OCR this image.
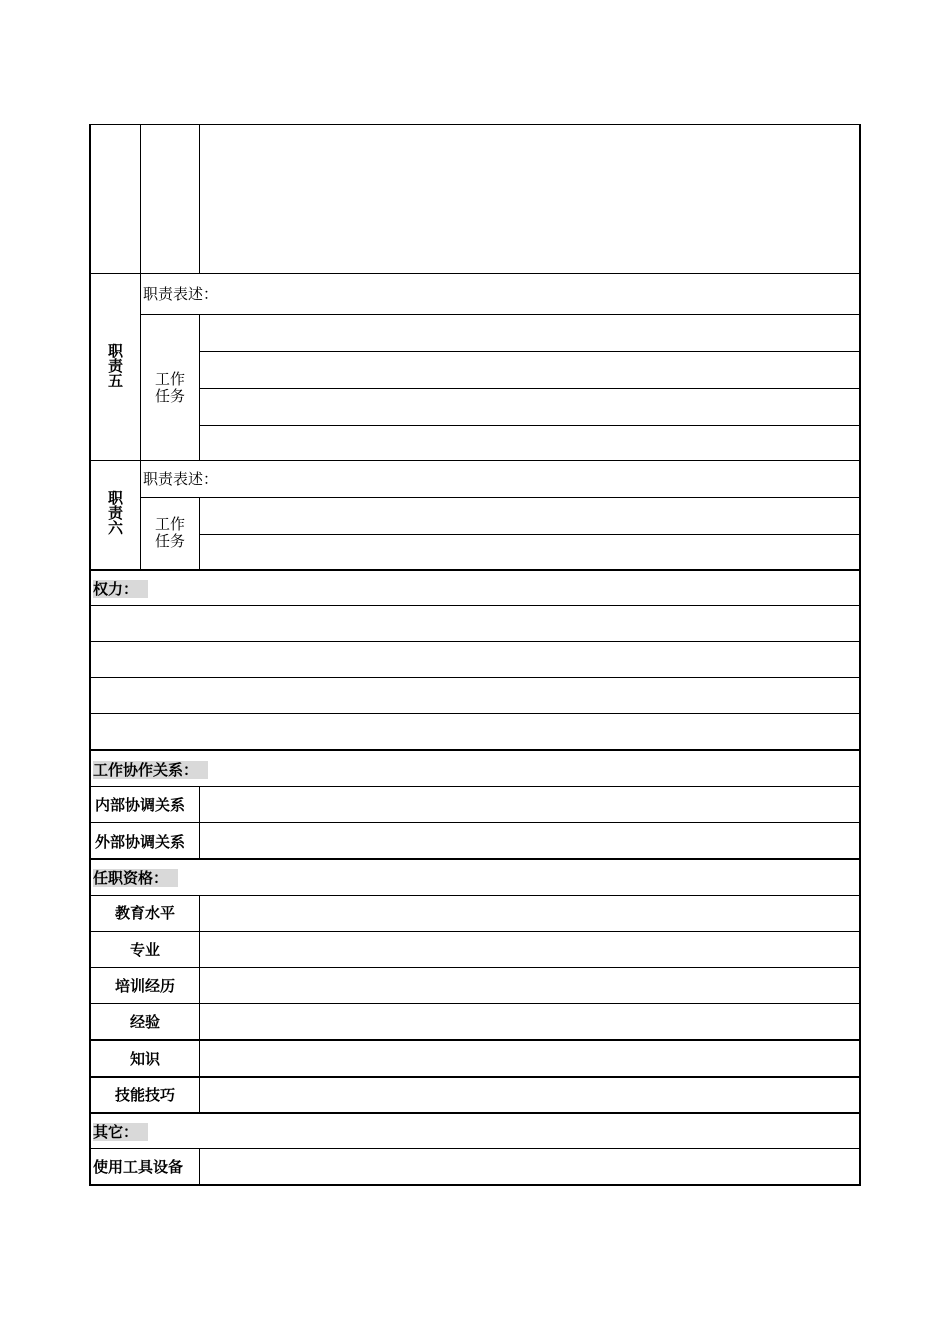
职责五
职责表述：
工作任务
职责六
职责表述：
工作任务
权力：
工作协作关系：
内部协调关系
外部协调关系
任职资格：
教育水平
专业
培训经历
经验
知识
技能技巧
其它：
使用工具设备
